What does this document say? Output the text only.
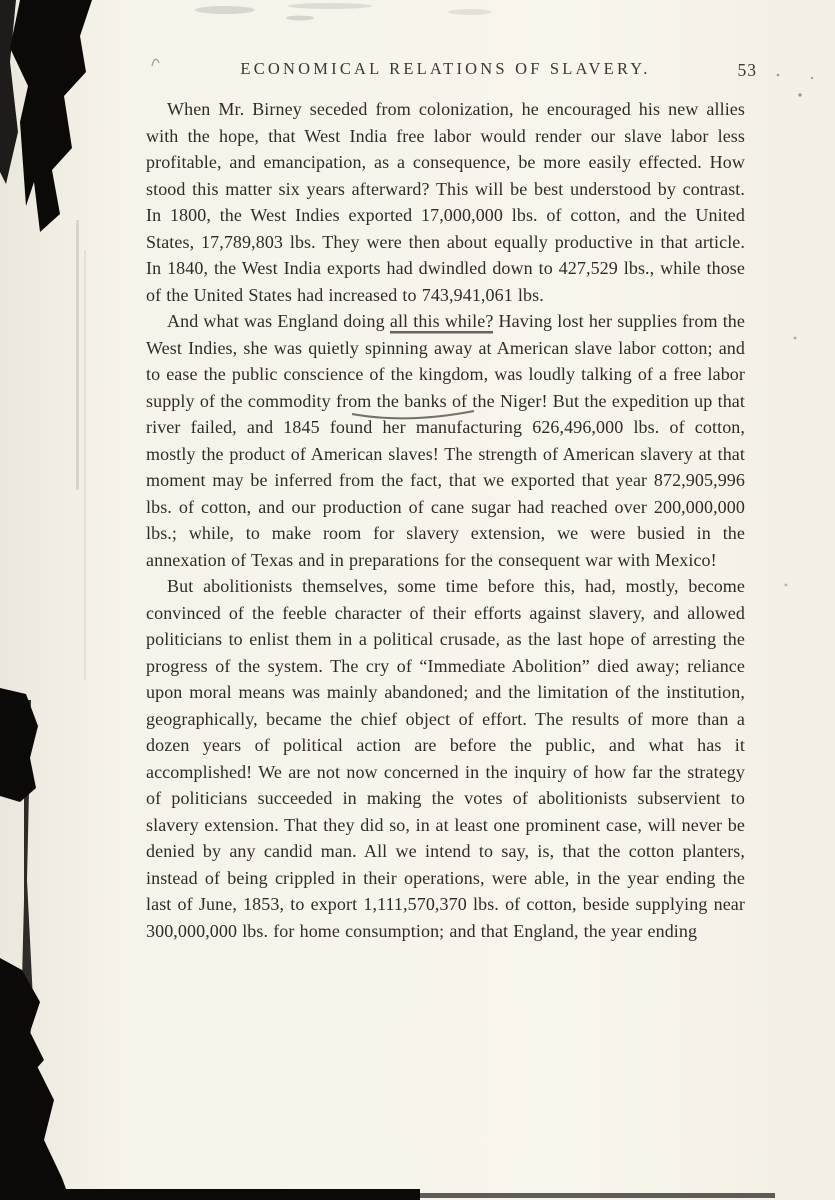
ECONOMICAL RELATIONS OF SLAVERY.	53

When Mr. Birney seceded from colonization, he encouraged his new allies with the hope, that West India free labor would render our slave labor less profitable, and emancipation, as a consequence, be more easily effected. How stood this matter six years afterward? This will be best understood by contrast. In 1800, the West Indies exported 17,000,000 lbs. of cotton, and the United States, 17,789,803 lbs. They were then about equally productive in that article. In 1840, the West India exports had dwindled down to 427,529 lbs., while those of the United States had increased to 743,941,061 lbs.

And what was England doing all this while? Having lost her supplies from the West Indies, she was quietly spinning away at American slave labor cotton; and to ease the public conscience of the kingdom, was loudly talking of a free labor supply of the commodity from the banks of the Niger! But the expedition up that river failed, and 1845 found her manufacturing 626,496,000 lbs. of cotton, mostly the product of American slaves! The strength of American slavery at that moment may be inferred from the fact, that we exported that year 872,905,996 lbs. of cotton, and our production of cane sugar had reached over 200,000,000 lbs.; while, to make room for slavery extension, we were busied in the annexation of Texas and in preparations for the consequent war with Mexico!

But abolitionists themselves, some time before this, had, mostly, become convinced of the feeble character of their efforts against slavery, and allowed politicians to enlist them in a political crusade, as the last hope of arresting the progress of the system. The cry of “Immediate Abolition” died away; reliance upon moral means was mainly abandoned; and the limitation of the institution, geographically, became the chief object of effort. The results of more than a dozen years of political action are before the public, and what has it accomplished! We are not now concerned in the inquiry of how far the strategy of politicians succeeded in making the votes of abolitionists subservient to slavery extension. That they did so, in at least one prominent case, will never be denied by any candid man. All we intend to say, is, that the cotton planters, instead of being crippled in their operations, were able, in the year ending the last of June, 1853, to export 1,111,570,370 lbs. of cotton, beside supplying near 300,000,000 lbs. for home consumption; and that England, the year ending
